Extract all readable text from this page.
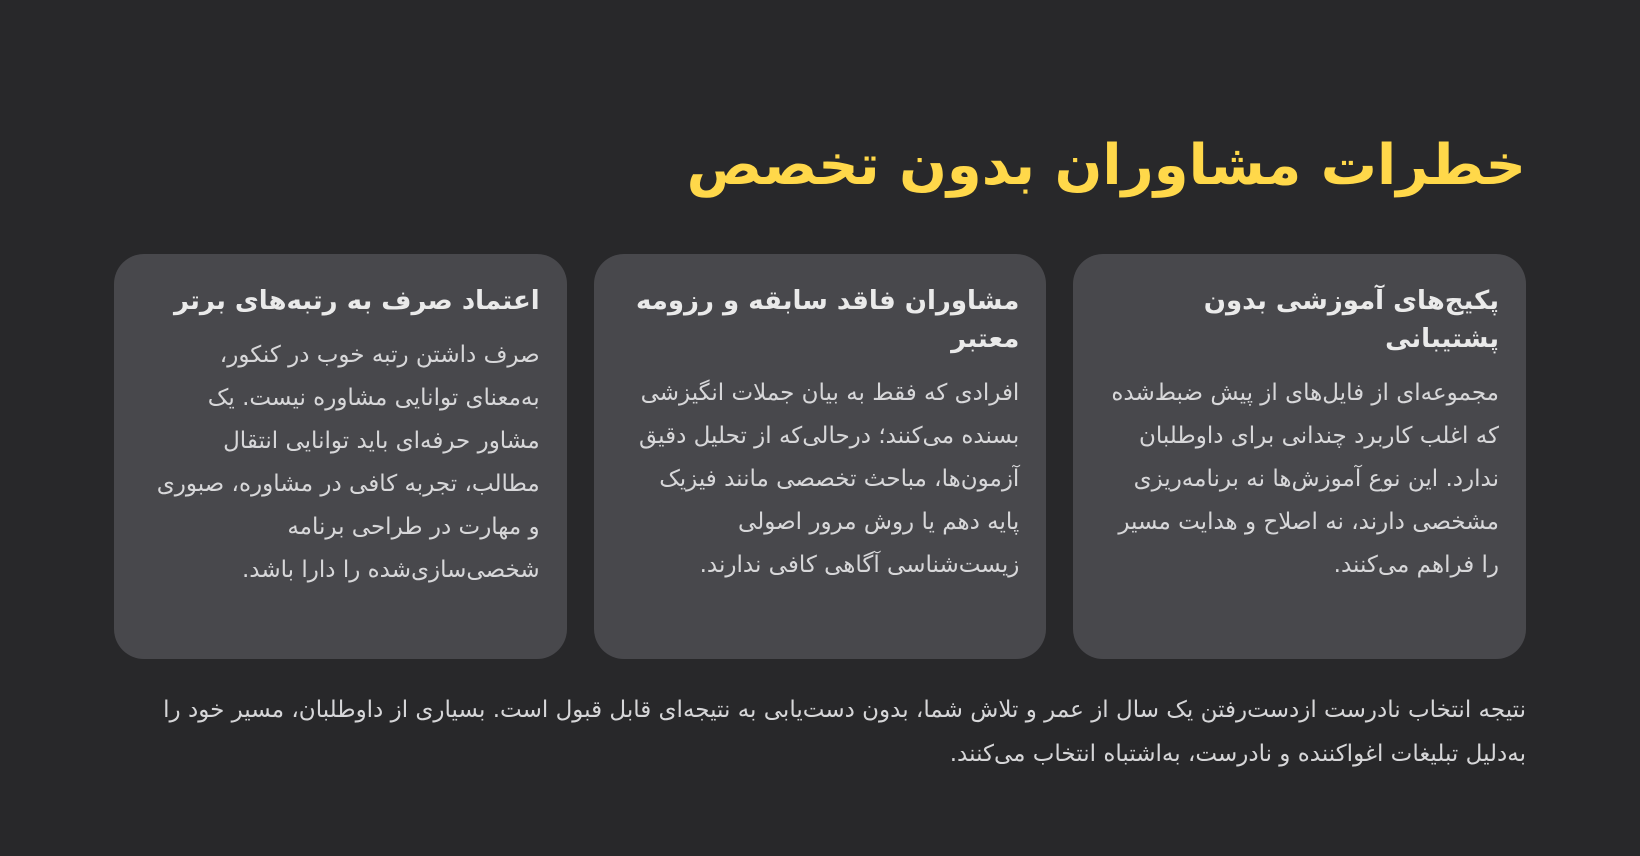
خطرات مشاوران بدون تخصص
پکیج‌های آموزشی بدون پشتیبانی

مجموعه‌ای از فایل‌های از پیش ضبط‌شده که اغلب کاربرد چندانی برای داوطلبان ندارد. این نوع آموزش‌ها نه برنامه‌ریزی مشخصی دارند، نه اصلاح و هدایت مسیر را فراهم می‌کنند.

مشاوران فاقد سابقه و رزومه معتبر

افرادی که فقط به بیان جملات انگیزشی بسنده می‌کنند؛ درحالی‌که از تحلیل دقیق آزمون‌ها، مباحث تخصصی مانند فیزیک پایه دهم یا روش مرور اصولی زیست‌شناسی آگاهی کافی ندارند.

اعتماد صرف به رتبه‌های برتر

صرف داشتن رتبه خوب در کنکور، به‌معنای توانایی مشاوره نیست. یک مشاور حرفه‌ای باید توانایی انتقال مطالب، تجربه کافی در مشاوره، صبوری و مهارت در طراحی برنامه شخصی‌سازی‌شده را دارا باشد.

نتیجه انتخاب نادرست ازدست‌رفتن یک سال از عمر و تلاش شما، بدون دست‌یابی به نتیجه‌ای قابل قبول است. بسیاری از داوطلبان، مسیر خود را به‌دلیل تبلیغات اغواکننده و نادرست، به‌اشتباه انتخاب می‌کنند.
